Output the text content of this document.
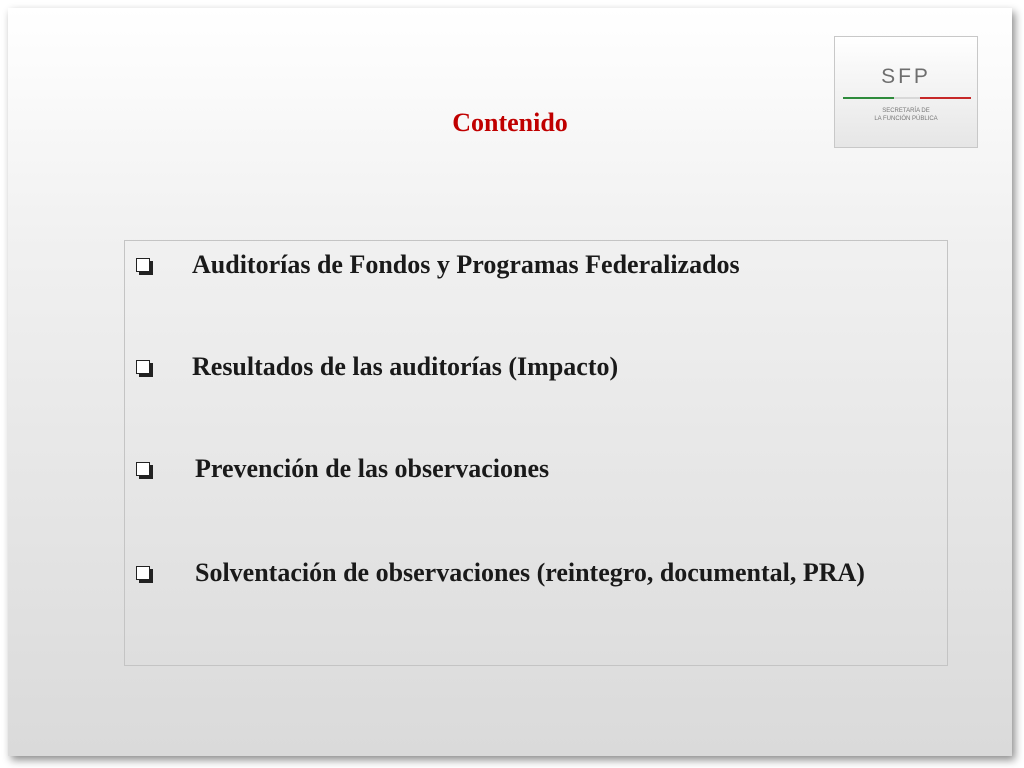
SFP
SECRETARÍA DE
LA FUNCIÓN PÚBLICA
Contenido
Auditorías de Fondos y Programas Federalizados
Resultados de las auditorías (Impacto)
Prevención de las observaciones
Solventación de observaciones (reintegro, documental, PRA)
